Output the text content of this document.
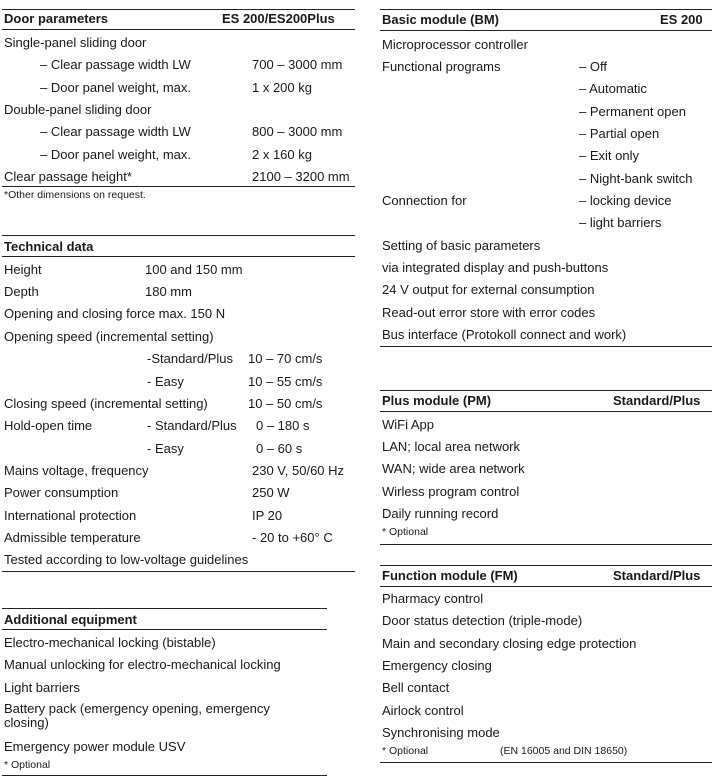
Door parameters	ES 200/ES200Plus
Single-panel sliding door
– Clear passage width LW	700 – 3000 mm
– Door panel weight, max.	1 x 200 kg
Double-panel sliding door
– Clear passage width LW	800 – 3000 mm
– Door panel weight, max.	2 x 160 kg
Clear passage height*	2100 – 3200 mm
*Other dimensions on request.
Technical data
Height	100 and 150 mm
Depth	180 mm
Opening and closing force max. 150 N
Opening speed (incremental setting)
-Standard/Plus 10 – 70 cm/s
- Easy	10 – 55 cm/s
Closing speed (incremental setting)	10 – 50 cm/s
Hold-open time	- Standard/Plus 0 – 180 s
- Easy	0 – 60 s
Mains voltage, frequency	230 V, 50/60 Hz
Power consumption	250 W
International protection	IP 20
Admissible temperature	- 20 to +60° C
Tested according to low-voltage guidelines
Additional equipment
Electro-mechanical locking (bistable)
Manual unlocking for electro-mechanical locking
Light barriers
Battery pack (emergency opening, emergency closing)
Emergency power module USV
* Optional
Basic module (BM)	ES 200
Microprocessor controller
Functional programs	– Off
– Automatic
– Permanent open
– Partial open
– Exit only
– Night-bank switch
Connection for	– locking device
– light barriers
Setting of basic parameters
via integrated display and push-buttons
24 V output for external consumption
Read-out error store with error codes
Bus interface (Protokoll connect and work)
Plus module (PM)	Standard/Plus
WiFi App
LAN; local area network
WAN; wide area network
Wirless program control
Daily running record
* Optional
Function module (FM)	Standard/Plus
Pharmacy control
Door status detection (triple-mode)
Main and secondary closing edge protection
Emergency closing
Bell contact
Airlock control
Synchronising mode
* Optional	(EN 16005 and DIN 18650)
